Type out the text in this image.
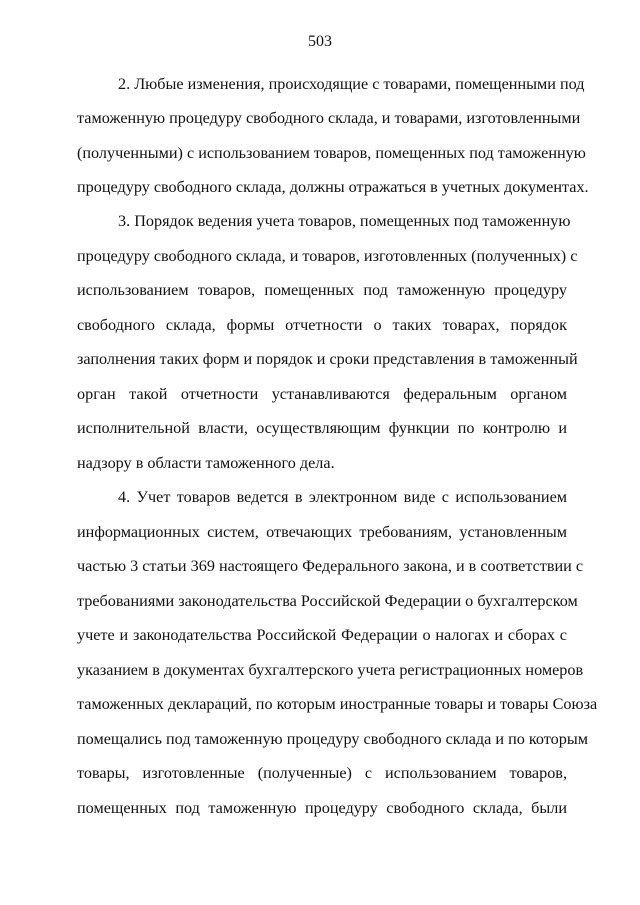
503
2. Любые изменения, происходящие с товарами, помещенными под
таможенную процедуру свободного склада, и товарами, изготовленными
(полученными) с использованием товаров, помещенных под таможенную
процедуру свободного склада, должны отражаться в учетных документах.
3. Порядок ведения учета товаров, помещенных под таможенную
процедуру свободного склада, и товаров, изготовленных (полученных) с
использованием товаров, помещенных под таможенную процедуру
свободного склада, формы отчетности о таких товарах, порядок
заполнения таких форм и порядок и сроки представления в таможенный
орган такой отчетности устанавливаются федеральным органом
исполнительной власти, осуществляющим функции по контролю и
надзору в области таможенного дела.
4. Учет товаров ведется в электронном виде с использованием
информационных систем, отвечающих требованиям, установленным
частью 3 статьи 369 настоящего Федерального закона, и в соответствии с
требованиями законодательства Российской Федерации о бухгалтерском
учете и законодательства Российской Федерации о налогах и сборах с
указанием в документах бухгалтерского учета регистрационных номеров
таможенных деклараций, по которым иностранные товары и товары Союза
помещались под таможенную процедуру свободного склада и по которым
товары, изготовленные (полученные) с использованием товаров,
помещенных под таможенную процедуру свободного склада, были
